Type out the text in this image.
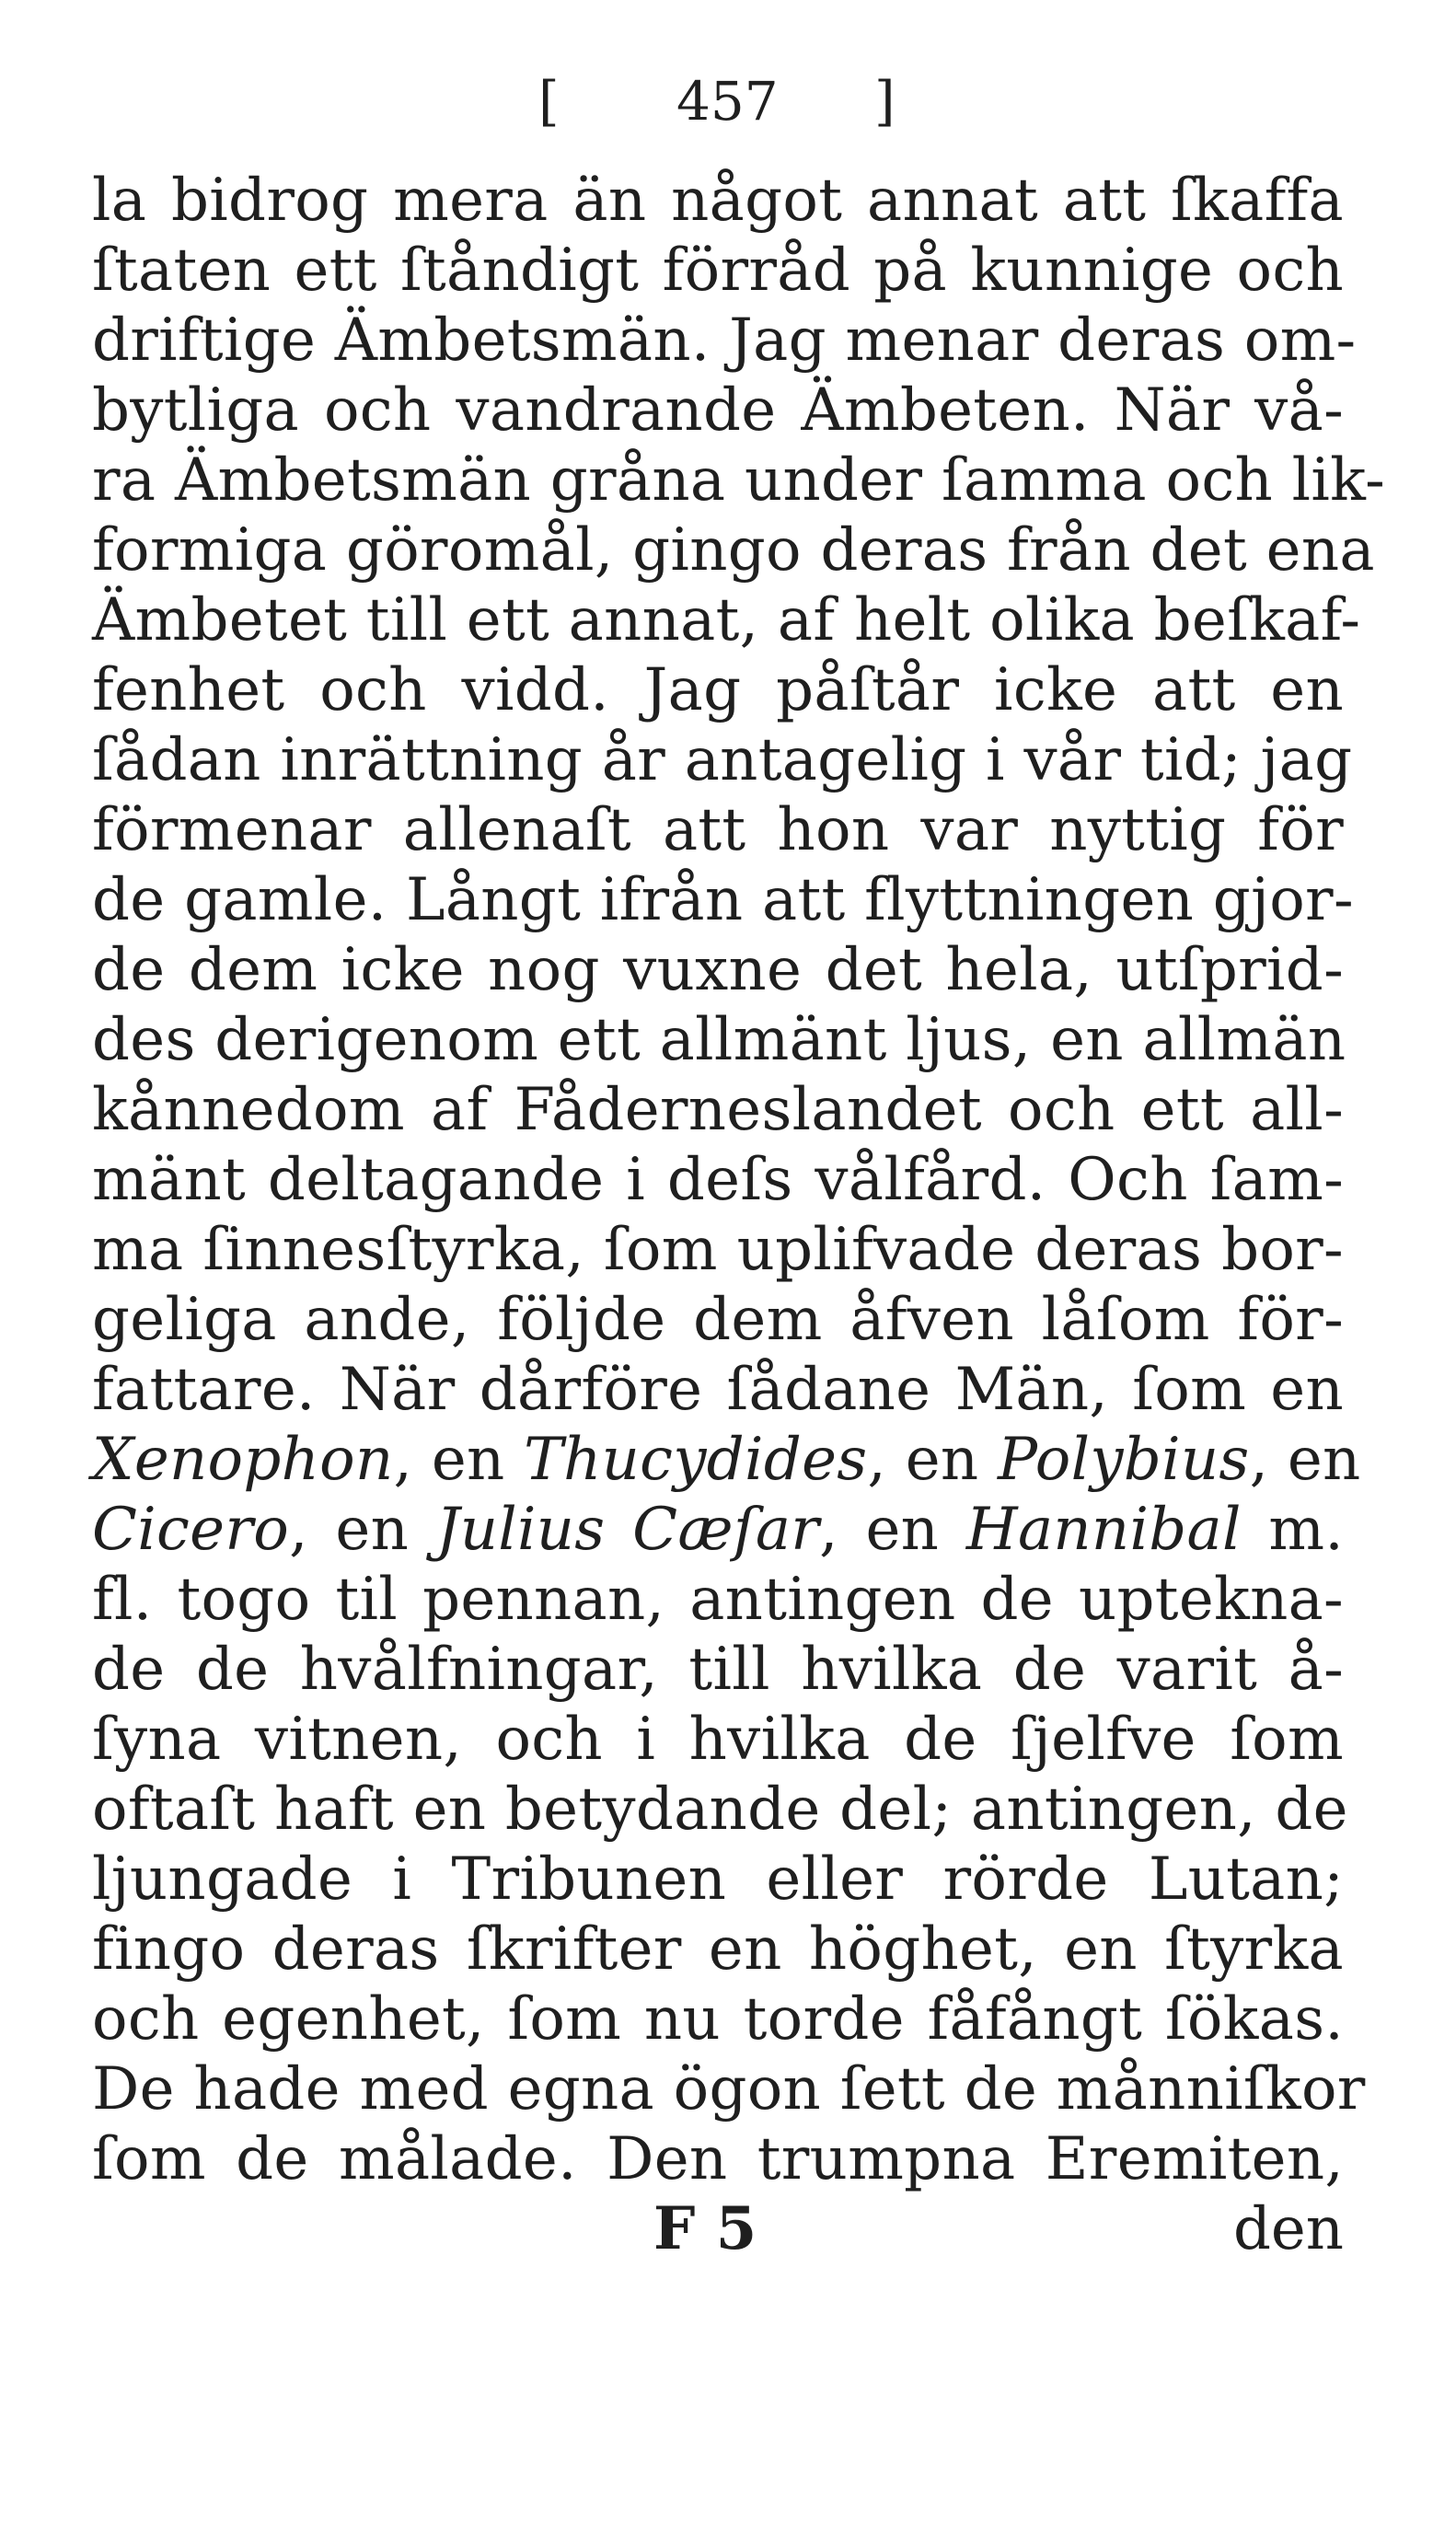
[ 457 ]
la bidrog mera än något annat att ſkaffa
ſtaten ett ſtåndigt förråd på kunnige och
driftige Ämbetsmän. Jag menar deras om-
bytliga och vandrande Ämbeten. När vå-
ra Ämbetsmän gråna under ſamma och lik-
formiga göromål, gingo deras från det ena
Ämbetet till ett annat, af helt olika beſkaf-
fenhet och vidd. Jag påſtår icke att en
ſådan inrättning år antagelig i vår tid; jag
förmenar allenaſt att hon var nyttig för
de gamle. Långt ifrån att flyttningen gjor-
de dem icke nog vuxne det hela, utſprid-
des derigenom ett allmänt ljus, en allmän
kånnedom af Fåderneslandet och ett all-
mänt deltagande i deſs vålfård. Och ſam-
ma ſinnesſtyrka, ſom uplifvade deras bor-
geliga ande, följde dem åfven låſom för-
fattare. När dårföre ſådane Män, ſom en
Xenophon, en Thucydides, en Polybius, en
Cicero, en Julius Cæſar, en Hannibal m.
fl. togo til pennan, antingen de uptekna-
de de hvålfningar, till hvilka de varit å-
ſyna vitnen, och i hvilka de ſjelfve ſom
oftaſt haft en betydande del; antingen, de
ljungade i Tribunen eller rörde Lutan;
fingo deras ſkrifter en höghet, en ſtyrka
och egenhet, ſom nu torde fåfångt ſökas.
De hade med egna ögon ſett de månniſkor
ſom de målade. Den trumpna Eremiten,
F 5	den
